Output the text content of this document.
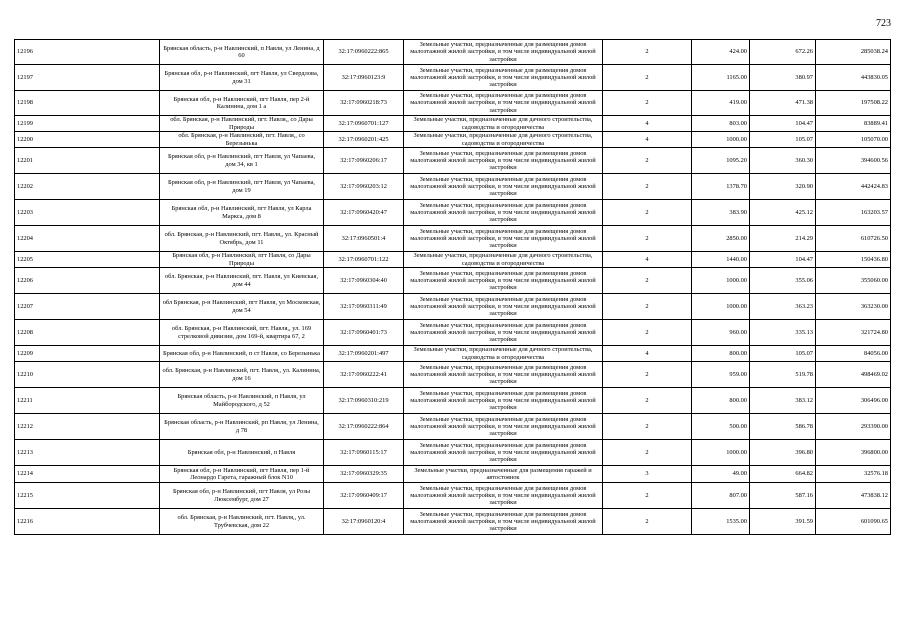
723
12196	Брянская область, р-н Навлинский, п Навля, ул Ленина, д 60	32:17:0960222:865	Земельные участки, предназначенные для размещения домов малоэтажной жилой застройки, в том числе индивидуальной жилой застройки	2	424.00	672.26	285038.24
12197	Брянская обл, р-н Навлинский, пгт Навля, ул Свердлова, дом 31	32:17:0960123:9	Земельные участки, предназначенные для размещения домов малоэтажной жилой застройки, в том числе индивидуальной жилой застройки	2	1165.00	380.97	443830.05
12198	Брянская обл, р-н Навлинский, пгт Навля, пер 2-й Калинина, дом 1 а	32:17:0960218:73	Земельные участки, предназначенные для размещения домов малоэтажной жилой застройки, в том числе индивидуальной жилой застройки	2	419.00	471.38	197508.22
12199	обл. Брянская, р-н Навлинский, пгт. Навля,, со Дары Природы	32:17:0960701:127	Земельные участки, предназначенные для дачного строительства, садоводства и огородничества	4	803.00	104.47	83889.41
12200	обл. Брянская, р-н Навлинский, пгт. Навля,, со Березынька	32:17:0960201:425	Земельные участки, предназначенные для дачного строительства, садоводства и огородничества	4	1000.00	105.07	105070.00
12201	Брянская обл, р-н Навлинский, пгт Навля, ул Чапаева, дом 34, кв 1	32:17:0960206:17	Земельные участки, предназначенные для размещения домов малоэтажной жилой застройки, в том числе индивидуальной жилой застройки	2	1095.20	360.30	394600.56
12202	Брянская обл, р-н Навлинский, пгт Навля, ул Чапаева, дом 19	32:17:0960203:12	Земельные участки, предназначенные для размещения домов малоэтажной жилой застройки, в том числе индивидуальной жилой застройки	2	1378.70	320.90	442424.83
12203	Брянская обл, р-н Навлинский, пгт Навля, ул Карла Маркса, дом 8	32:17:0960420:47	Земельные участки, предназначенные для размещения домов малоэтажной жилой застройки, в том числе индивидуальной жилой застройки	2	383.90	425.12	163203.57
12204	обл. Брянская, р-н Навлинский, пгт. Навля,, ул. Красный Октябрь, дом 11	32:17:0960501:4	Земельные участки, предназначенные для размещения домов малоэтажной жилой застройки, в том числе индивидуальной жилой застройки	2	2850.00	214.29	610726.50
12205	Брянская обл, р-н Навлинский, пгт Навля, со Дары Природы	32:17:0960701:122	Земельные участки, предназначенные для дачного строительства, садоводства и огородничества	4	1440.00	104.47	150436.80
12206	обл. Брянская, р-н Навлинский, пгт. Навля, ул Киевская, дом 44	32:17:0960304:40	Земельные участки, предназначенные для размещения домов малоэтажной жилой застройки, в том числе индивидуальной жилой застройки	2	1000.00	355.06	355060.00
12207	обл Брянская, р-н Навлинский, пгт Навля, ул Московская, дом 54	32:17:0960311:49	Земельные участки, предназначенные для размещения домов малоэтажной жилой застройки, в том числе индивидуальной жилой застройки	2	1000.00	363.23	363230.00
12208	обл. Брянская, р-н Навлинский, пгт. Навля,, ул. 169 стрелковой дивизии, дом 169-й, квартира 67, 2	32:17:0960401:73	Земельные участки, предназначенные для размещения домов малоэтажной жилой застройки, в том числе индивидуальной жилой застройки	2	960.00	335.13	321724.80
12209	Брянская обл, р-н Навлинский, п ст Навля, со Березынька	32:17:0960201:497	Земельные участки, предназначенные для дачного строительства, садоводства и огородничества	4	800.00	105.07	84056.00
12210	обл. Брянская, р-н Навлинский, пгт. Навля,, ул. Калинина, дом 16	32:17:0960222:41	Земельные участки, предназначенные для размещения домов малоэтажной жилой застройки, в том числе индивидуальной жилой застройки	2	959.00	519.78	498469.02
12211	Брянская область, р-н Навлинский, п Навля, ул Майбородского, д 52	32:17:0960310:219	Земельные участки, предназначенные для размещения домов малоэтажной жилой застройки, в том числе индивидуальной жилой застройки	2	800.00	383.12	306496.00
12212	Брянская область, р-н Навлинский, рп Навля, ул Ленина, д 78	32:17:0960222:864	Земельные участки, предназначенные для размещения домов малоэтажной жилой застройки, в том числе индивидуальной жилой застройки	2	500.00	586.78	293390.00
12213	Брянская обл, р-н Навлинский, п Навля	32:17:0960115:17	Земельные участки, предназначенные для размещения домов малоэтажной жилой застройки, в том числе индивидуальной жилой застройки	2	1000.00	396.80	396800.00
12214	Брянская обл, р-н Навлинский, пгт Навля, пер 1-й Леонардо Гарета, гаражный блок N10	32:17:0960329:35	Земельные участки, предназначенные для размещения гаражей и автостоянок	3	49.00	664.82	32576.18
12215	Брянская обл, р-н Навлинский, пгт Навля, ул Розы Люксембург, дом 27	32:17:0960409:17	Земельные участки, предназначенные для размещения домов малоэтажной жилой застройки, в том числе индивидуальной жилой застройки	2	807.00	587.16	473838.12
12216	обл. Брянская, р-н Навлинский, пгт. Навля,, ул. Трубчевская, дом 22	32:17:0960120:4	Земельные участки, предназначенные для размещения домов малоэтажной жилой застройки, в том числе индивидуальной жилой застройки	2	1535.00	391.59	601090.65
